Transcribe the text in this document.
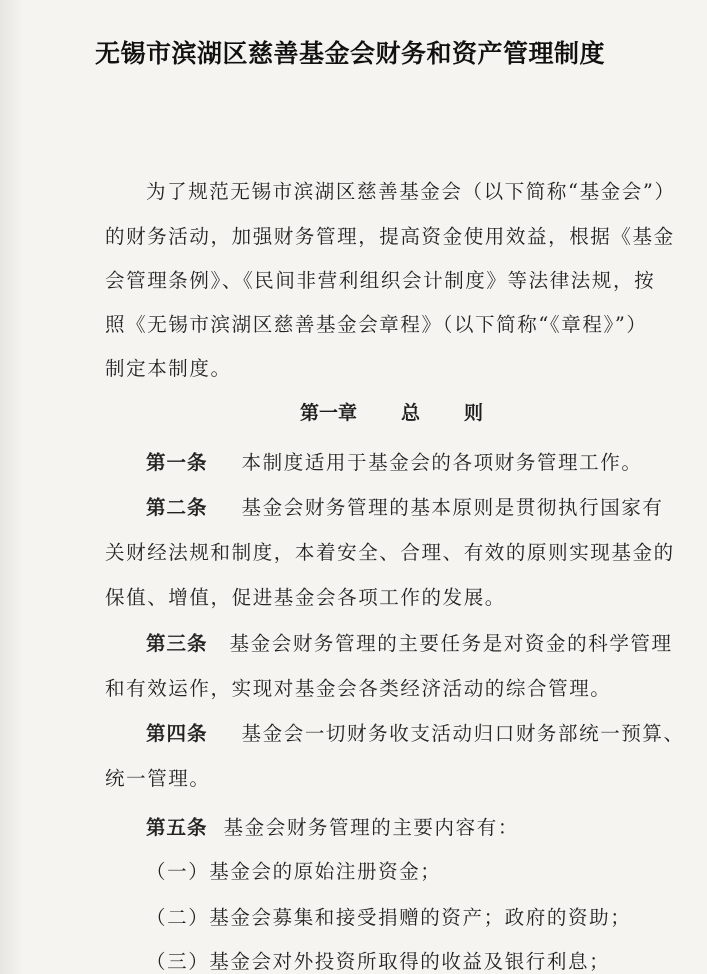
无锡市滨湖区慈善基金会财务和资产管理制度
为了规范无锡市滨湖区慈善基金会（以下简称“基金会”）
的财务活动，加强财务管理，提高资金使用效益，根据《基金
会管理条例》、《民间非营利组织会计制度》等法律法规，按
照《无锡市滨湖区慈善基金会章程》（以下简称“《章程》”）
制定本制度。
第一章 总 则
第一条 本制度适用于基金会的各项财务管理工作。
第二条 基金会财务管理的基本原则是贯彻执行国家有
关财经法规和制度，本着安全、合理、有效的原则实现基金的
保值、增值，促进基金会各项工作的发展。
第三条 基金会财务管理的主要任务是对资金的科学管理
和有效运作，实现对基金会各类经济活动的综合管理。
第四条 基金会一切财务收支活动归口财务部统一预算、
统一管理。
第五条 基金会财务管理的主要内容有：
（一）基金会的原始注册资金；
（二）基金会募集和接受捐赠的资产；政府的资助；
（三）基金会对外投资所取得的收益及银行利息；
